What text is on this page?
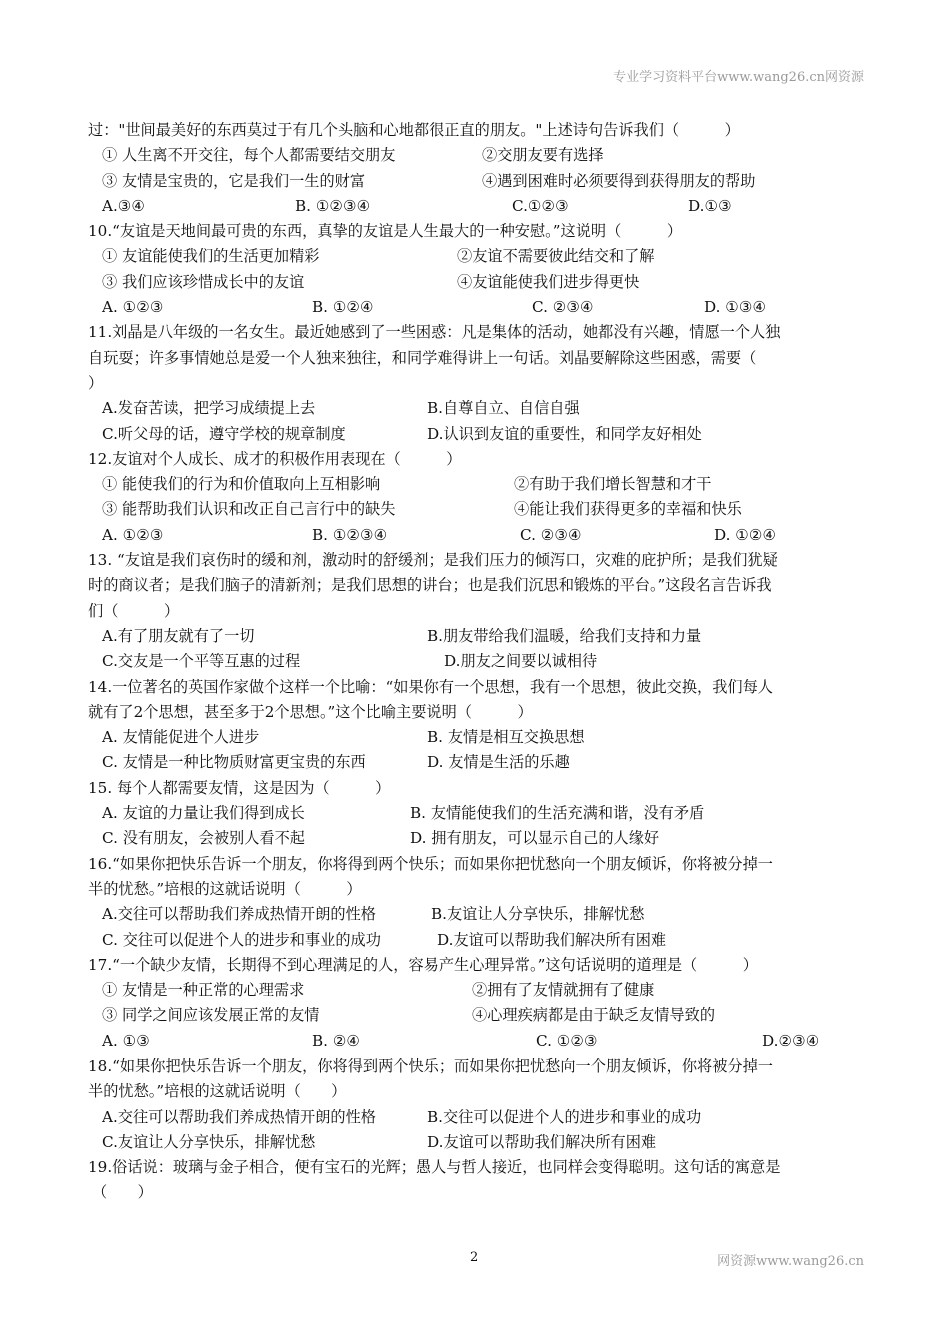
专业学习资料平台www.wang26.cn网资源
过："世间最美好的东西莫过于有几个头脑和心地都很正直的朋友。"上述诗句告诉我们（　　　）
① 人生离不开交往，每个人都需要结交朋友	②交朋友要有选择
③ 友情是宝贵的，它是我们一生的财富	④遇到困难时必须要得到获得朋友的帮助
A.③④	B. ①②③④	C.①②③	D.①③
10.“友谊是天地间最可贵的东西，真挚的友谊是人生最大的一种安慰。”这说明（　　　）
① 友谊能使我们的生活更加精彩	②友谊不需要彼此结交和了解
③ 我们应该珍惜成长中的友谊	④友谊能使我们进步得更快
A. ①②③	B. ①②④	C. ②③④	D. ①③④
11.刘晶是八年级的一名女生。最近她感到了一些困惑：凡是集体的活动，她都没有兴趣，情愿一个人独
自玩耍；许多事情她总是爱一个人独来独往，和同学难得讲上一句话。刘晶要解除这些困惑，需要（
）
A.发奋苦读，把学习成绩提上去	B.自尊自立、自信自强
C.听父母的话，遵守学校的规章制度	D.认识到友谊的重要性，和同学友好相处
12.友谊对个人成长、成才的积极作用表现在（　　　）
① 能使我们的行为和价值取向上互相影响	②有助于我们增长智慧和才干
③ 能帮助我们认识和改正自己言行中的缺失	④能让我们获得更多的幸福和快乐
A. ①②③	B. ①②③④	C. ②③④	D. ①②④
13. “友谊是我们哀伤时的缓和剂，激动时的舒缓剂；是我们压力的倾泻口，灾难的庇护所；是我们犹疑
时的商议者；是我们脑子的清新剂；是我们思想的讲台；也是我们沉思和锻炼的平台。”这段名言告诉我
们（　　　）
A.有了朋友就有了一切	B.朋友带给我们温暖，给我们支持和力量
C.交友是一个平等互惠的过程	D.朋友之间要以诚相待
14.一位著名的英国作家做个这样一个比喻：“如果你有一个思想，我有一个思想，彼此交换，我们每人
就有了2个思想，甚至多于2个思想。”这个比喻主要说明（　　　）
A. 友情能促进个人进步	B. 友情是相互交换思想
C. 友情是一种比物质财富更宝贵的东西	D. 友情是生活的乐趣
15. 每个人都需要友情，这是因为（　　　）
A. 友谊的力量让我们得到成长	B. 友情能使我们的生活充满和谐，没有矛盾
C. 没有朋友，会被别人看不起	D. 拥有朋友，可以显示自己的人缘好
16.“如果你把快乐告诉一个朋友，你将得到两个快乐；而如果你把忧愁向一个朋友倾诉，你将被分掉一
半的忧愁。”培根的这就话说明（　　　）
A.交往可以帮助我们养成热情开朗的性格	B.友谊让人分享快乐，排解忧愁
C. 交往可以促进个人的进步和事业的成功	D.友谊可以帮助我们解决所有困难
17.“一个缺少友情，长期得不到心理满足的人，容易产生心理异常。”这句话说明的道理是（　　　）
① 友情是一种正常的心理需求	②拥有了友情就拥有了健康
③ 同学之间应该发展正常的友情	④心理疾病都是由于缺乏友情导致的
A. ①③	B. ②④	C. ①②③	D.②③④
18.“如果你把快乐告诉一个朋友，你将得到两个快乐；而如果你把忧愁向一个朋友倾诉，你将被分掉一
半的忧愁。”培根的这就话说明（　　）
A.交往可以帮助我们养成热情开朗的性格	B.交往可以促进个人的进步和事业的成功
C.友谊让人分享快乐，排解忧愁	D.友谊可以帮助我们解决所有困难
19.俗话说：玻璃与金子相合，便有宝石的光辉；愚人与哲人接近，也同样会变得聪明。这句话的寓意是
（　　）
2	网资源www.wang26.cn
